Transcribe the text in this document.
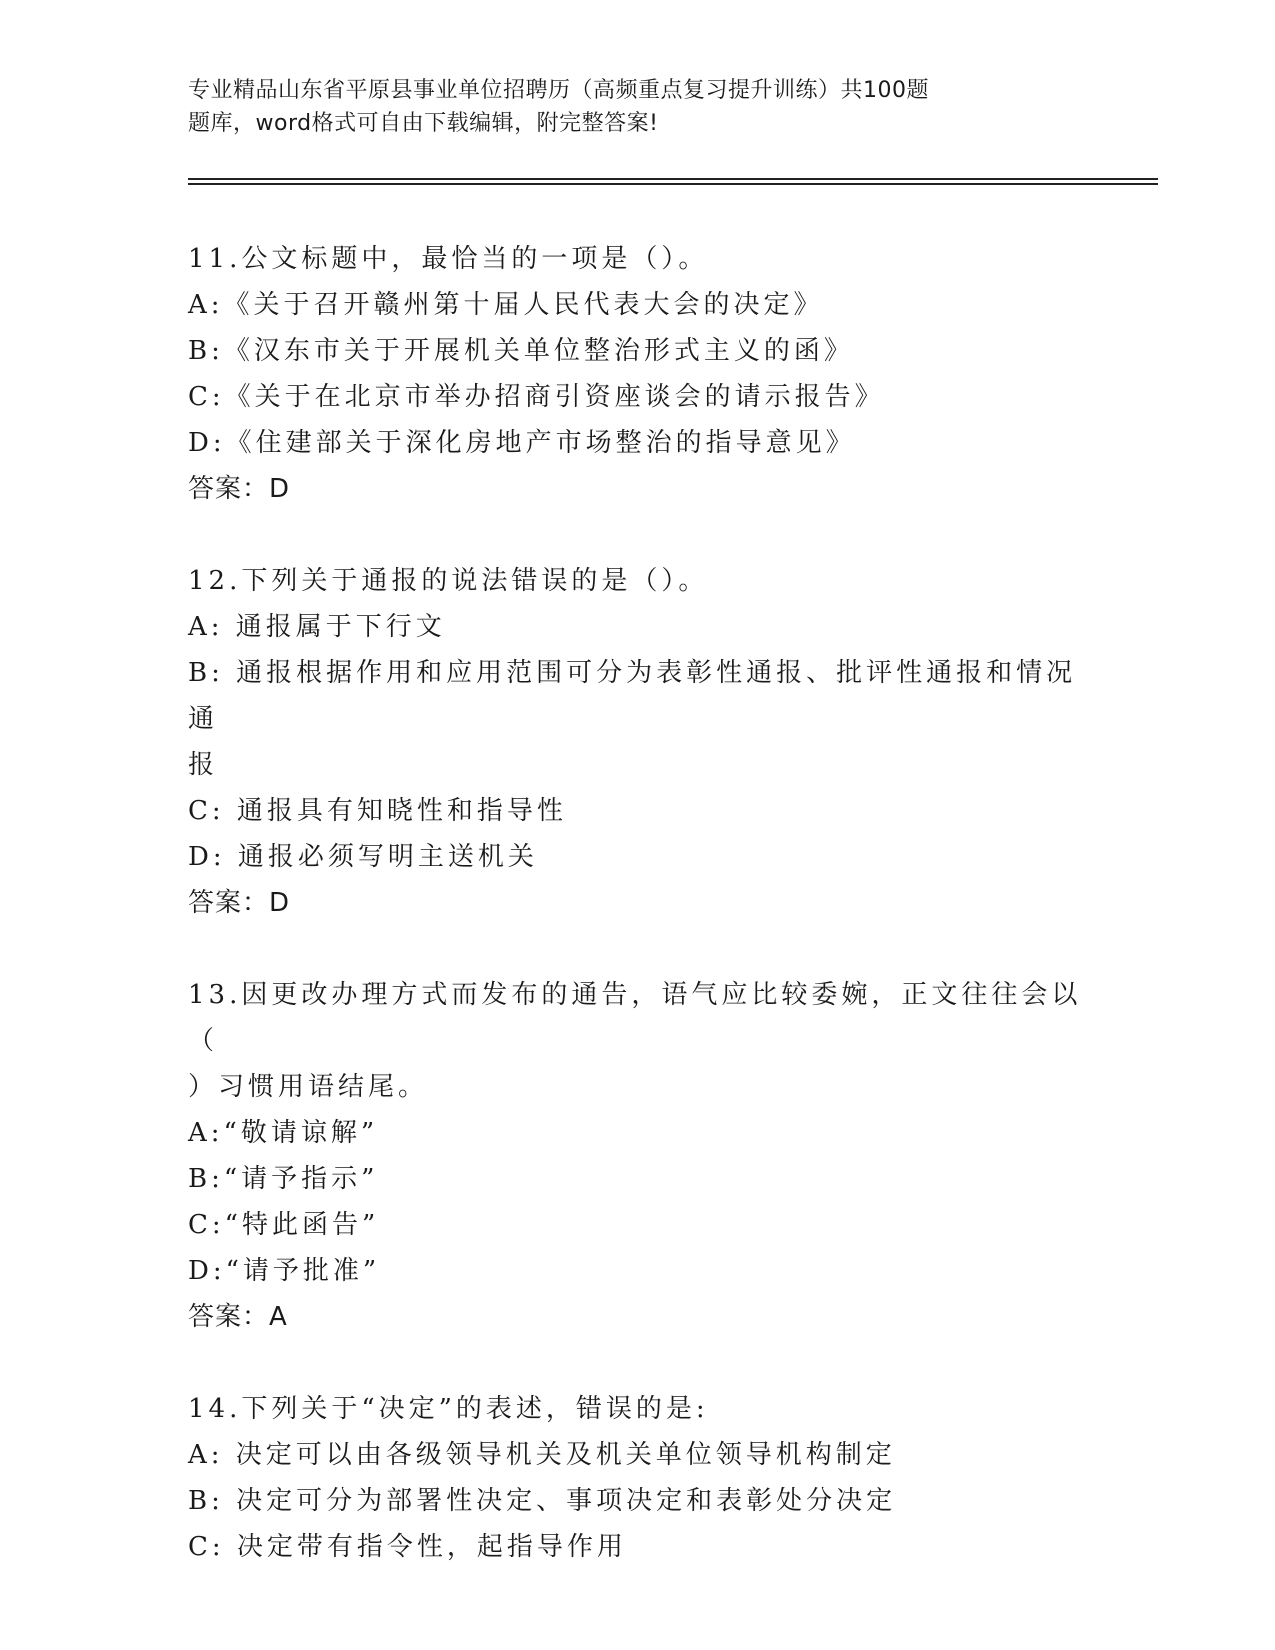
专业精品山东省平原县事业单位招聘历（高频重点复习提升训练）共100题
题库，word格式可自由下载编辑，附完整答案!
11.公文标题中，最恰当的一项是（）。
A:《关于召开赣州第十届人民代表大会的决定》
B:《汉东市关于开展机关单位整治形式主义的函》
C:《关于在北京市举办招商引资座谈会的请示报告》
D:《住建部关于深化房地产市场整治的指导意见》
答案：D
12.下列关于通报的说法错误的是（）。
A: 通报属于下行文
B: 通报根据作用和应用范围可分为表彰性通报、批评性通报和情况通
报
C: 通报具有知晓性和指导性
D: 通报必须写明主送机关
答案：D
13.因更改办理方式而发布的通告，语气应比较委婉，正文往往会以（
）习惯用语结尾。
A:“敬请谅解”
B:“请予指示”
C:“特此函告”
D:“请予批准”
答案：A
14.下列关于“决定”的表述，错误的是:
A: 决定可以由各级领导机关及机关单位领导机构制定
B: 决定可分为部署性决定、事项决定和表彰处分决定
C: 决定带有指令性，起指导作用
